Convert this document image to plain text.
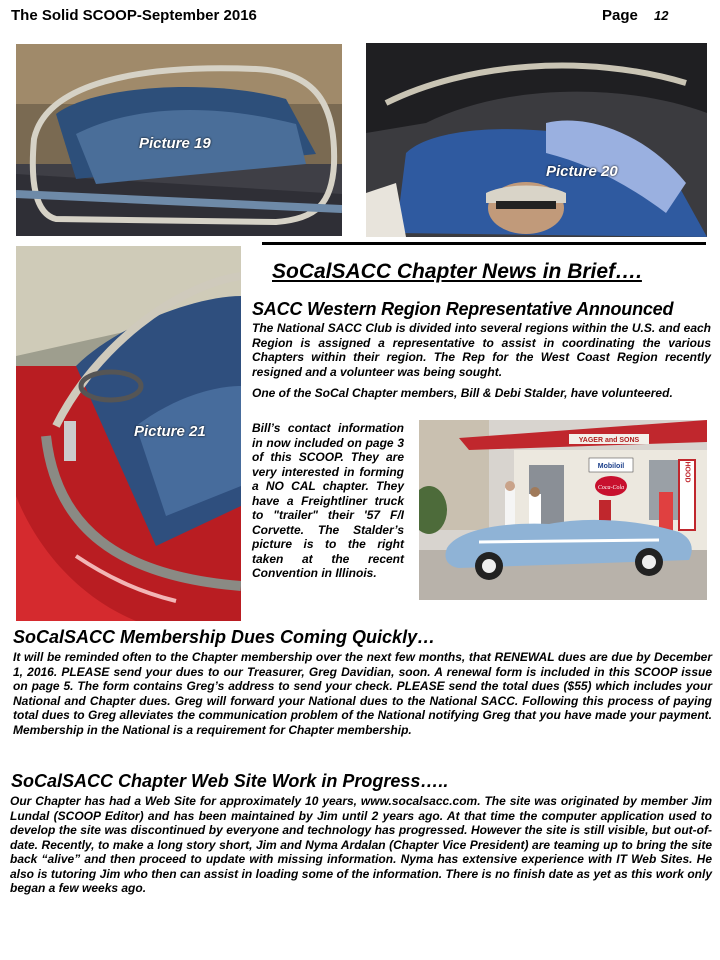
The Solid SCOOP-September 2016	Page 12
Picture 19
Picture 20
Picture 21
SoCalSACC Chapter News in Brief….
SACC Western Region Representative Announced

The National SACC Club is divided into several regions within the U.S. and each Region is assigned a representative to assist in coordinating the various Chapters within their region. The Rep for the West Coast Region recently resigned and a volunteer was being sought.

One of the SoCal Chapter members, Bill & Debi Stalder, have volunteered.

Bill’s contact information in now included on page 3 of this SCOOP. They are very interested in forming a NO CAL chapter. They have a Freightliner truck to "trailer" their '57 F/I Corvette. The Stalder’s picture is to the right taken at the recent Convention in Illinois.

YAGER and SONS
Mobiloil
Coca-Cola
HOOD
SoCalSACC Membership Dues Coming Quickly…

It will be reminded often to the Chapter membership over the next few months, that RENEWAL dues are due by December 1, 2016. PLEASE send your dues to our Treasurer, Greg Davidian, soon. A renewal form is included in this SCOOP issue on page 5. The form contains Greg’s address to send your check. PLEASE send the total dues ($55) which includes your National and Chapter dues. Greg will forward your National dues to the National SACC. Following this process of paying total dues to Greg alleviates the communication problem of the National notifying Greg that you have made your payment. Membership in the National is a requirement for Chapter membership.

SoCalSACC Chapter Web Site Work in Progress…..

Our Chapter has had a Web Site for approximately 10 years, www.socalsacc.com. The site was originated by member Jim Lundal (SCOOP Editor) and has been maintained by Jim until 2 years ago. At that time the computer application used to develop the site was discontinued by everyone and technology has progressed. However the site is still visible, but out-of-date. Recently, to make a long story short, Jim and Nyma Ardalan (Chapter Vice President) are teaming up to bring the site back “alive” and then proceed to update with missing information. Nyma has extensive experience with IT Web Sites. He also is tutoring Jim who then can assist in loading some of the information. There is no finish date as yet as this work only began a few weeks ago.
